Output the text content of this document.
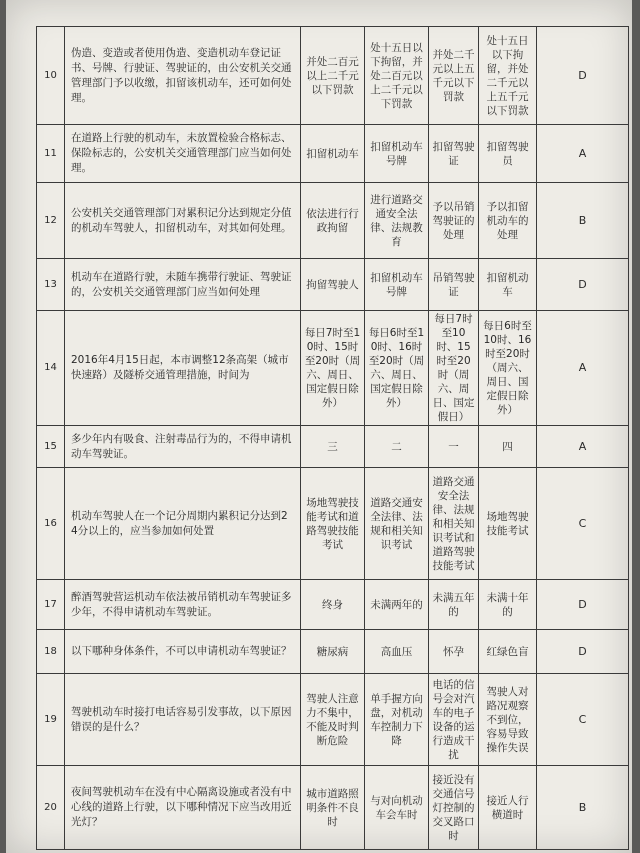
10	伪造、变造或者使用伪造、变造机动车登记证书、号牌、行驶证、驾驶证的，由公安机关交通管理部门予以收缴，扣留该机动车，还可如何处理。	并处二百元以上二千元以下罚款	处十五日以下拘留，并处二百元以上二千元以下罚款	并处二千元以上五千元以下罚款	处十五日以下拘留，并处二千元以上五千元以下罚款	D
11	在道路上行驶的机动车，未放置检验合格标志、保险标志的，公安机关交通管理部门应当如何处理。	扣留机动车	扣留机动车号牌	扣留驾驶证	扣留驾驶员	A
12	公安机关交通管理部门对累积记分达到规定分值的机动车驾驶人，扣留机动车，对其如何处理。	依法进行行政拘留	进行道路交通安全法律、法规教育	予以吊销驾驶证的处理	予以扣留机动车的处理	B
13	机动车在道路行驶，未随车携带行驶证、驾驶证的，公安机关交通管理部门应当如何处理	拘留驾驶人	扣留机动车号牌	吊销驾驶证	扣留机动车	D
14	2016年4月15日起，本市调整12条高架（城市快速路）及隧桥交通管理措施，时间为	每日7时至10时、15时至20时（周六、周日、国定假日除外）	每日6时至10时、16时至20时（周六、周日、国定假日除外）	每日7时至10时、15时至20时（周六、周日、国定假日）	每日6时至10时、16时至20时（周六、周日、国定假日除外）	A
15	多少年内有吸食、注射毒品行为的，不得申请机动车驾驶证。	三	二	一	四	A
16	机动车驾驶人在一个记分周期内累积记分达到24分以上的，应当参加如何处置	场地驾驶技能考试和道路驾驶技能考试	道路交通安全法律、法规和相关知识考试	道路交通安全法律、法规和相关知识考试和道路驾驶技能考试	场地驾驶技能考试	C
17	醉酒驾驶营运机动车依法被吊销机动车驾驶证多少年，不得申请机动车驾驶证。	终身	未满两年的	未满五年的	未满十年的	D
18	以下哪种身体条件，不可以申请机动车驾驶证？	糖尿病	高血压	怀孕	红绿色盲	D
19	驾驶机动车时接打电话容易引发事故，以下原因错误的是什么？	驾驶人注意力不集中，不能及时判断危险	单手握方向盘，对机动车控制力下降	电话的信号会对汽车的电子设备的运行造成干扰	驾驶人对路况观察不到位，容易导致操作失误	C
20	夜间驾驶机动车在没有中心隔离设施或者没有中心线的道路上行驶，以下哪种情况下应当改用近光灯？	城市道路照明条件不良时	与对向机动车会车时	接近没有交通信号灯控制的交叉路口时	接近人行横道时	B
